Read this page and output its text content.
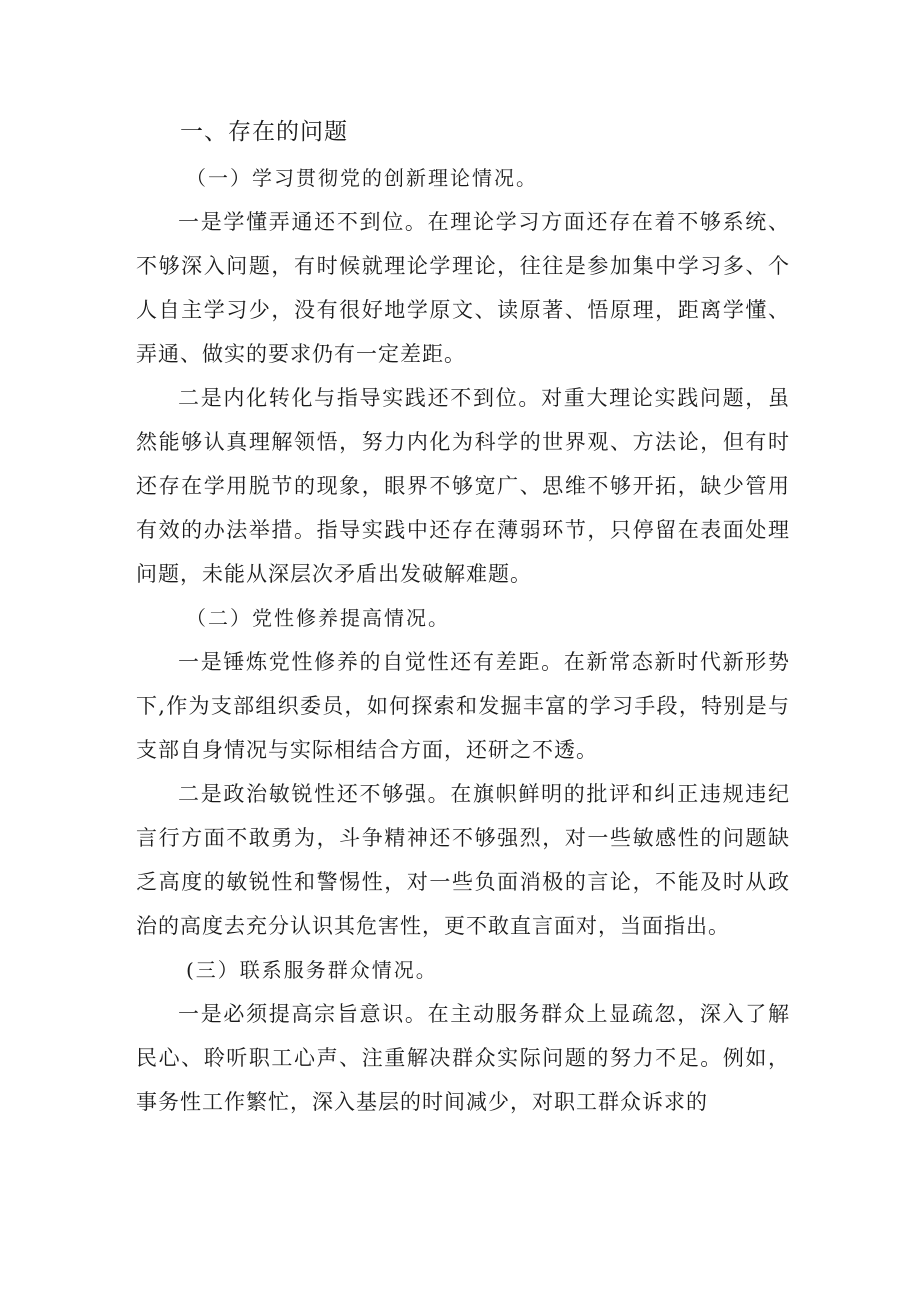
一、存在的问题
（一）学习贯彻党的创新理论情况。

一是学懂弄通还不到位。在理论学习方面还存在着不够系统、不够深入问题，有时候就理论学理论，往往是参加集中学习多、个人自主学习少，没有很好地学原文、读原著、悟原理，距离学懂、弄通、做实的要求仍有一定差距。

二是内化转化与指导实践还不到位。对重大理论实践问题，虽然能够认真理解领悟，努力内化为科学的世界观、方法论，但有时还存在学用脱节的现象，眼界不够宽广、思维不够开拓，缺少管用有效的办法举措。指导实践中还存在薄弱环节，只停留在表面处理问题，未能从深层次矛盾出发破解难题。

（二）党性修养提高情况。

一是锤炼党性修养的自觉性还有差距。在新常态新时代新形势下,作为支部组织委员，如何探索和发掘丰富的学习手段，特别是与支部自身情况与实际相结合方面，还研之不透。

二是政治敏锐性还不够强。在旗帜鲜明的批评和纠正违规违纪言行方面不敢勇为，斗争精神还不够强烈，对一些敏感性的问题缺乏高度的敏锐性和警惕性，对一些负面消极的言论，不能及时从政治的高度去充分认识其危害性，更不敢直言面对，当面指出。

(三）联系服务群众情况。

一是必须提高宗旨意识。在主动服务群众上显疏忽，深入了解民心、聆听职工心声、注重解决群众实际问题的努力不足。例如，事务性工作繁忙，深入基层的时间减少，对职工群众诉求的
